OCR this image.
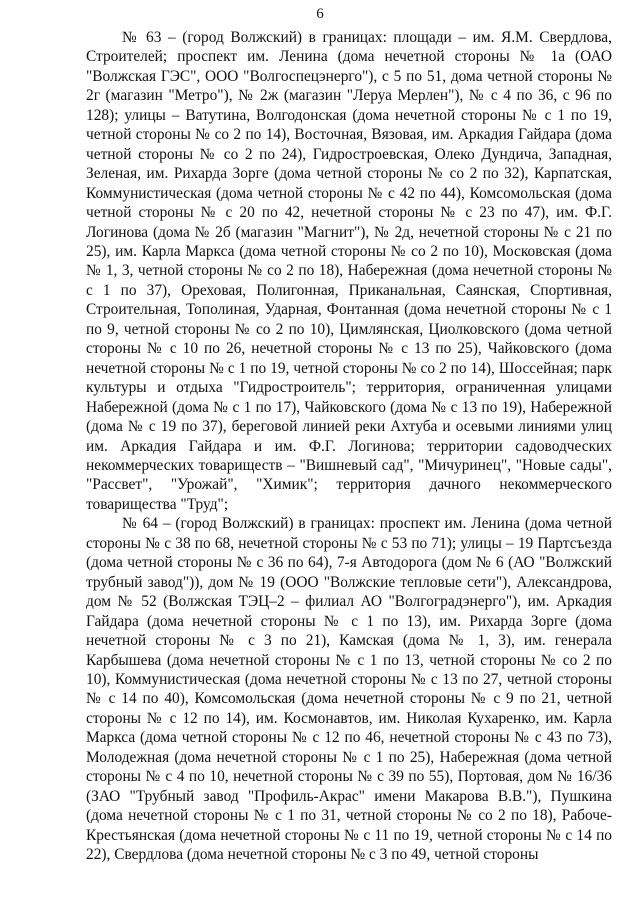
6

№ 63 – (город Волжский) в границах: площади – им. Я.М. Свердлова, Строителей; проспект им. Ленина (дома нечетной стороны № 1а (ОАО "Волжская ГЭС", ООО "Волгоспецэнерго"), с 5 по 51, дома четной стороны № 2г (магазин "Метро"), № 2ж (магазин "Леруа Мерлен"), № с 4 по 36, с 96 по 128); улицы – Ватутина, Волгодонская (дома нечетной стороны № с 1 по 19, четной стороны № со 2 по 14), Восточная, Вязовая, им. Аркадия Гайдара (дома четной стороны № со 2 по 24), Гидростроевская, Олеко Дундича, Западная, Зеленая, им. Рихарда Зорге (дома четной стороны № со 2 по 32), Карпатская, Коммунистическая (дома четной стороны № с 42 по 44), Комсомольская (дома четной стороны № с 20 по 42, нечетной стороны № с 23 по 47), им. Ф.Г. Логинова (дома № 2б (магазин "Магнит"), № 2д, нечетной стороны № с 21 по 25), им. Карла Маркса (дома четной стороны № со 2 по 10), Московская (дома № 1, 3, четной стороны № со 2 по 18), Набережная (дома нечетной стороны № с 1 по 37), Ореховая, Полигонная, Приканальная, Саянская, Спортивная, Строительная, Тополиная, Ударная, Фонтанная (дома нечетной стороны № с 1 по 9, четной стороны № со 2 по 10), Цимлянская, Циолковского (дома четной стороны № с 10 по 26, нечетной стороны № с 13 по 25), Чайковского (дома нечетной стороны № с 1 по 19, четной стороны № со 2 по 14), Шоссейная; парк культуры и отдыха "Гидростроитель"; территория, ограниченная улицами Набережной (дома № с 1 по 17), Чайковского (дома № с 13 по 19), Набережной (дома № с 19 по 37), береговой линией реки Ахтуба и осевыми линиями улиц им. Аркадия Гайдара и им. Ф.Г. Логинова; территории садоводческих некоммерческих товариществ – "Вишневый сад", "Мичуринец", "Новые сады", "Рассвет", "Урожай", "Химик"; территория дачного некоммерческого товарищества "Труд";

№ 64 – (город Волжский) в границах: проспект им. Ленина (дома четной стороны № с 38 по 68, нечетной стороны № с 53 по 71); улицы – 19 Партсъезда (дома четной стороны № с 36 по 64), 7-я Автодорога (дом № 6 (АО "Волжский трубный завод")), дом № 19 (ООО "Волжские тепловые сети"), Александрова, дом № 52 (Волжская ТЭЦ–2 – филиал АО "Волгоградэнерго"), им. Аркадия Гайдара (дома нечетной стороны № с 1 по 13), им. Рихарда Зорге (дома нечетной стороны № с 3 по 21), Камская (дома № 1, 3), им. генерала Карбышева (дома нечетной стороны № с 1 по 13, четной стороны № со 2 по 10), Коммунистическая (дома нечетной стороны № с 13 по 27, четной стороны № с 14 по 40), Комсомольская (дома нечетной стороны № с 9 по 21, четной стороны № с 12 по 14), им. Космонавтов, им. Николая Кухаренко, им. Карла Маркса (дома четной стороны № с 12 по 46, нечетной стороны № с 43 по 73), Молодежная (дома нечетной стороны № с 1 по 25), Набережная (дома четной стороны № с 4 по 10, нечетной стороны № с 39 по 55), Портовая, дом № 16/36 (ЗАО "Трубный завод "Профиль-Акрас" имени Макарова В.В."), Пушкина (дома нечетной стороны № с 1 по 31, четной стороны № со 2 по 18), Рабоче-Крестьянская (дома нечетной стороны № с 11 по 19, четной стороны № с 14 по 22), Свердлова (дома нечетной стороны № с 3 по 49, четной стороны
